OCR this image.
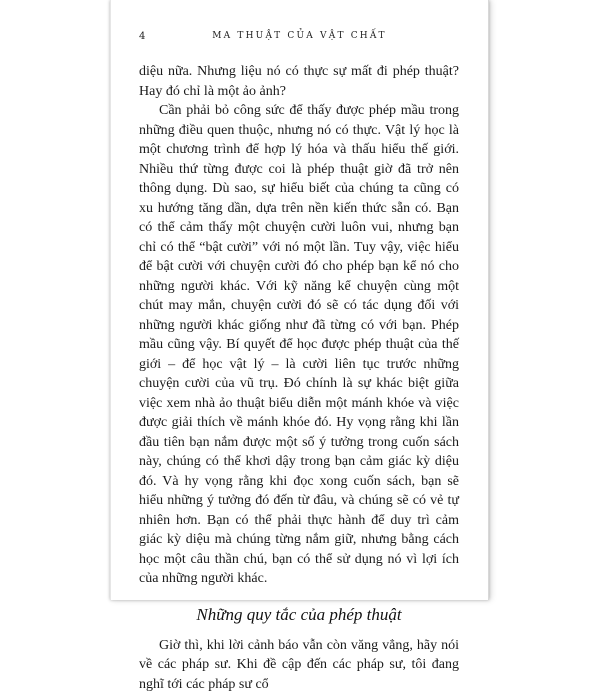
4	MA THUẬT CỦA VẬT CHẤT

diệu nữa. Nhưng liệu nó có thực sự mất đi phép thuật? Hay đó chỉ là một ảo ảnh?

Cần phải bỏ công sức để thấy được phép mầu trong những điều quen thuộc, nhưng nó có thực. Vật lý học là một chương trình để hợp lý hóa và thấu hiểu thế giới. Nhiều thứ từng được coi là phép thuật giờ đã trở nên thông dụng. Dù sao, sự hiểu biết của chúng ta cũng có xu hướng tăng dần, dựa trên nền kiến thức sẵn có. Bạn có thể cảm thấy một chuyện cười luôn vui, nhưng bạn chỉ có thể “bật cười” với nó một lần. Tuy vậy, việc hiểu để bật cười với chuyện cười đó cho phép bạn kể nó cho những người khác. Với kỹ năng kể chuyện cùng một chút may mắn, chuyện cười đó sẽ có tác dụng đối với những người khác giống như đã từng có với bạn. Phép mầu cũng vậy. Bí quyết để học được phép thuật của thế giới – để học vật lý – là cười liên tục trước những chuyện cười của vũ trụ. Đó chính là sự khác biệt giữa việc xem nhà ảo thuật biểu diễn một mánh khóe và việc được giải thích về mánh khóe đó. Hy vọng rằng khi lần đầu tiên bạn nắm được một số ý tưởng trong cuốn sách này, chúng có thể khơi dậy trong bạn cảm giác kỳ diệu đó. Và hy vọng rằng khi đọc xong cuốn sách, bạn sẽ hiểu những ý tưởng đó đến từ đâu, và chúng sẽ có vẻ tự nhiên hơn. Bạn có thể phải thực hành để duy trì cảm giác kỳ diệu mà chúng từng nắm giữ, nhưng bằng cách học một câu thần chú, bạn có thể sử dụng nó vì lợi ích của những người khác.

Những quy tắc của phép thuật

Giờ thì, khi lời cảnh báo vẫn còn văng vẳng, hãy nói về các pháp sư. Khi đề cập đến các pháp sư, tôi đang nghĩ tới các pháp sư cổ
